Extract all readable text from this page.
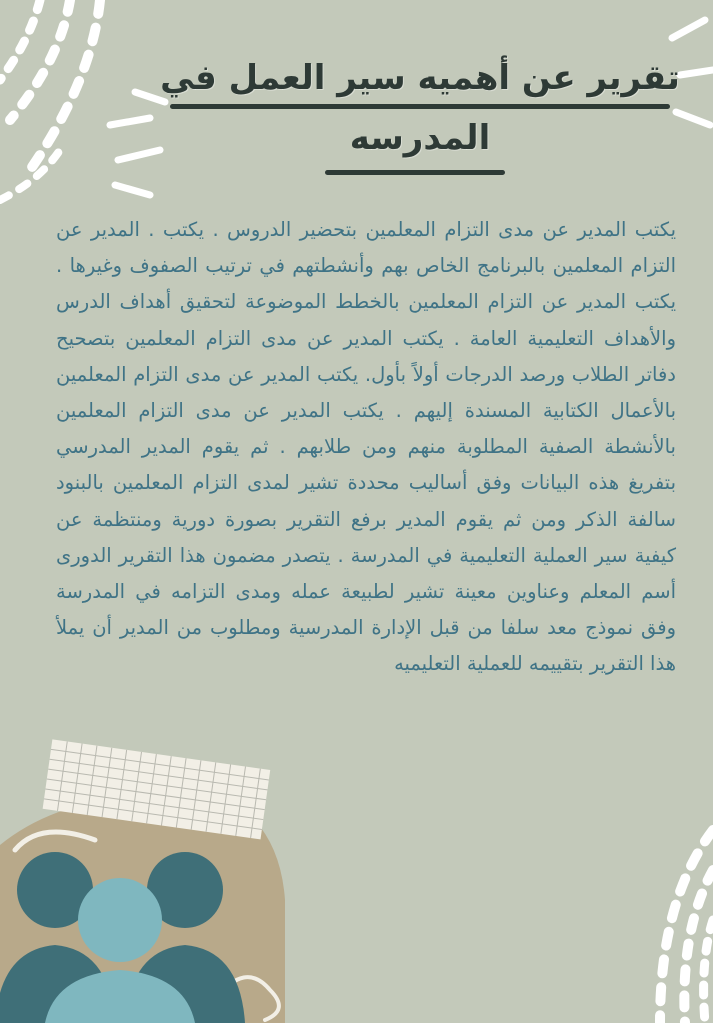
تقرير عن أهميه سير العمل في
المدرسه

يكتب المدير عن مدى التزام المعلمين بتحضير الدروس . يكتب . المدير عن التزام المعلمين بالبرنامج الخاص بهم وأنشطتهم في ترتيب الصفوف وغيرها . يكتب المدير عن التزام المعلمين بالخطط الموضوعة لتحقيق أهداف الدرس والأهداف التعليمية العامة . يكتب المدير عن مدى التزام المعلمين بتصحيح دفاتر الطلاب ورصد الدرجات أولاً بأول. يكتب المدير عن مدى التزام المعلمين بالأعمال الكتابية المسندة إليهم . يكتب المدير عن مدى التزام المعلمين بالأنشطة الصفية المطلوبة منهم ومن طلابهم . ثم يقوم المدير المدرسي بتفريغ هذه البيانات وفق أساليب محددة تشير لمدى التزام المعلمين بالبنود سالفة الذكر ومن ثم يقوم المدير برفع التقرير بصورة دورية ومنتظمة عن كيفية سير العملية التعليمية في المدرسة . يتصدر مضمون هذا التقرير الدورى أسم المعلم وعناوين معينة تشير لطبيعة عمله ومدى التزامه في المدرسة وفق نموذج معد سلفا من قبل الإدارة المدرسية ومطلوب من المدير أن يملأ هذا التقرير بتقييمه للعملية التعليميه
